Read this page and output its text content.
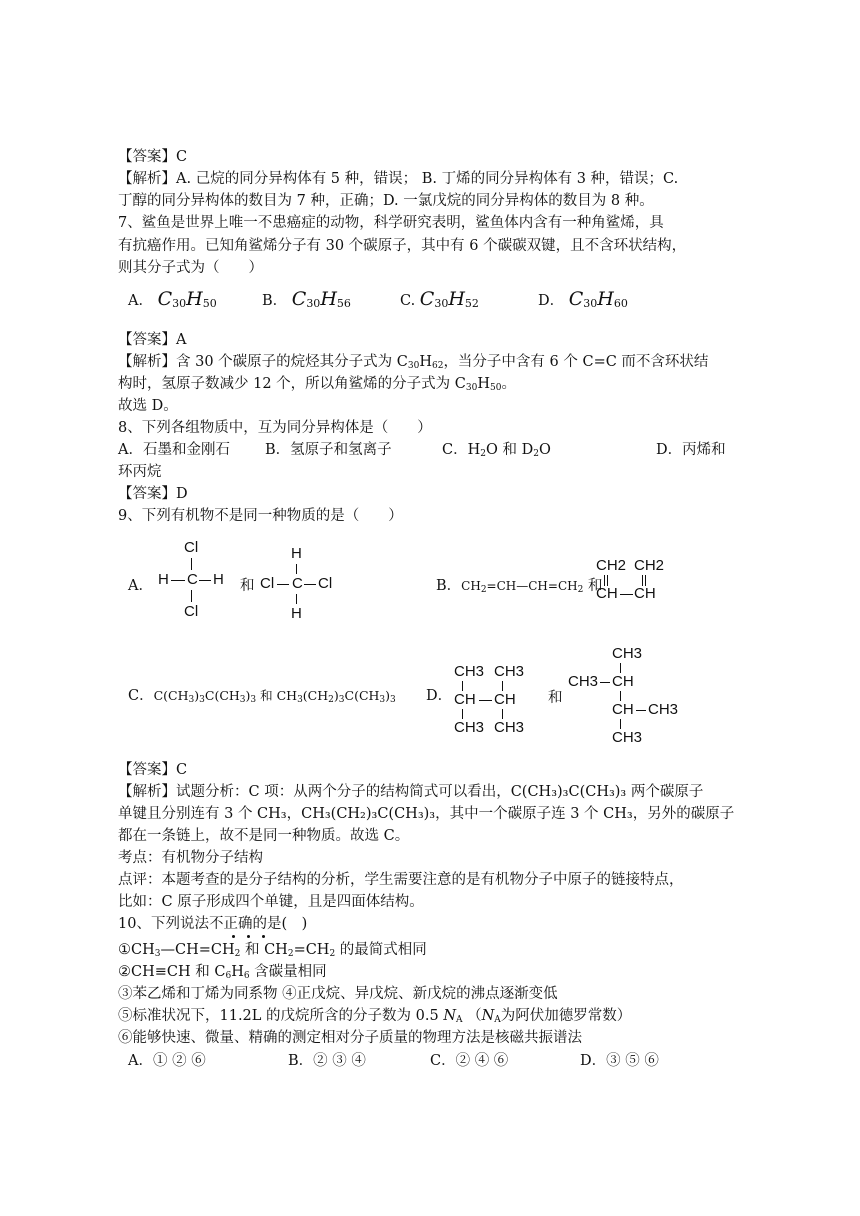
【答案】C
【解析】A. 己烷的同分异构体有 5 种，错误； B. 丁烯的同分异构体有 3 种，错误；C.
丁醇的同分异构体的数目为 7 种，正确；D. 一氯戊烷的同分异构体的数目为 8 种。
7、鲨鱼是世界上唯一不患癌症的动物，科学研究表明，鲨鱼体内含有一种角鲨烯，具
有抗癌作用。已知角鲨烯分子有 30 个碳原子，其中有 6 个碳碳双键，且不含环状结构，
则其分子式为（　　）
A． $C_{30}H_{50}$	B． $C_{30}H_{56}$	C. $C_{30}H_{52}$	D． $C_{30}H_{60}$
【答案】A
【解析】含 30 个碳原子的烷烃其分子式为 $C_{30}H_{62}$，当分子中含有 6 个 C=C 而不含环状结
构时，氢原子数减少 12 个，所以角鲨烯的分子式为 $C_{30}H_{50}$。
故选 D。
8、下列各组物质中，互为同分异构体是（　　）
A．石墨和金刚石 B．氢原子和氢离子	C．$H_2O$ 和 $D_2O$	D．丙烯和
环丙烷
【答案】D
9、下列有机物不是同一种物质的是（　　）
A．
Cl
H C H
Cl
和
H
Cl C Cl
H
B．$CH_2=CH—CH=CH_2$ 和
CH2 CH2
CH CH
C．$C(CH_3)_3C(CH_3)_3$ 和 $CH_3(CH_2)_3C(CH_3)_3$ D．
CH3 CH3
CH CH
CH3 CH3
和
CH3
CH3 CH
CH CH3
CH3
【答案】C
【解析】试题分析：C 项：从两个分子的结构简式可以看出，C(CH₃)₃C(CH₃)₃ 两个碳原子
单键且分别连有 3 个 CH₃，CH₃(CH₂)₃C(CH₃)₃，其中一个碳原子连 3 个 CH₃，另外的碳原子
都在一条链上，故不是同一种物质。故选 C。
考点：有机物分子结构
点评：本题考查的是分子结构的分析，学生需要注意的是有机物分子中原子的链接特点，
比如：C 原子形成四个单键，且是四面体结构。
10、下列说法不正确的是(　)
$①CH_3—CH=CH_2$ 和 $CH_2=CH_2$ 的最简式相同
②CH≡CH 和 $C_6H_6$ 含碳量相同
③苯乙烯和丁烯为同系物 ④正戊烷、异戊烷、新戊烷的沸点逐渐变低
⑤标准状况下，11.2L 的戊烷所含的分子数为 0.5 $N_A$ （$N_A$为阿伏加德罗常数）
⑥能够快速、微量、精确的测定相对分子质量的物理方法是核磁共振谱法
A．① ② ⑥	B．② ③ ④	C．② ④ ⑥	D．③ ⑤ ⑥
